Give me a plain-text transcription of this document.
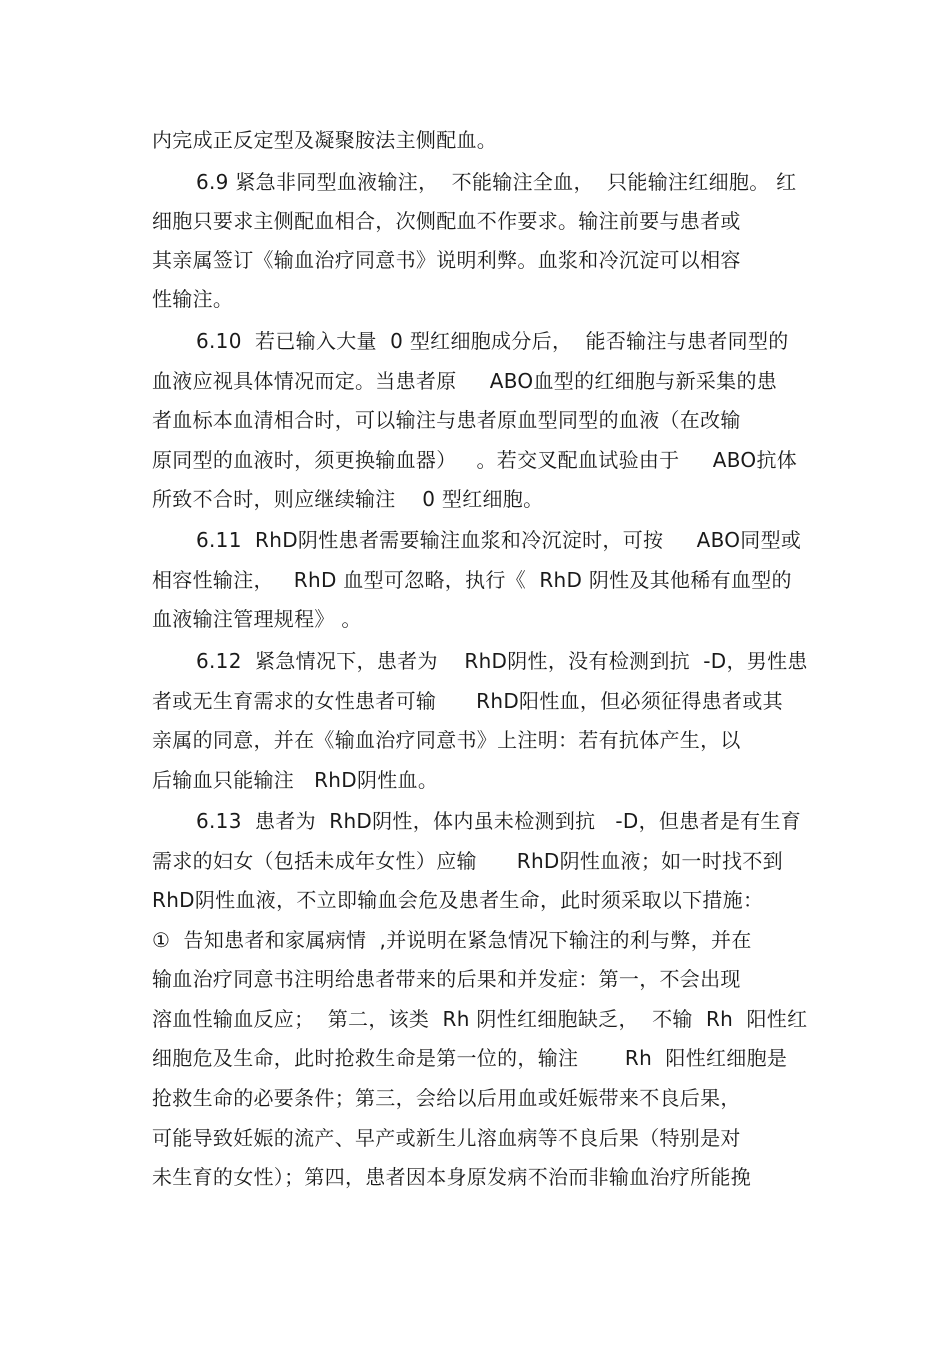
内完成正反定型及凝聚胺法主侧配血。
6.9 紧急非同型血液输注，  不能输注全血，  只能输注红细胞。 红
细胞只要求主侧配血相合，次侧配血不作要求。输注前要与患者或
其亲属签订《输血治疗同意书》说明利弊。血浆和冷沉淀可以相容
性输注。
6.10  若已输入大量  0 型红细胞成分后，  能否输注与患者同型的
血液应视具体情况而定。当患者原     ABO血型的红细胞与新采集的患
者血标本血清相合时，可以输注与患者原血型同型的血液（在改输
原同型的血液时，须更换输血器）   。若交叉配血试验由于     ABO抗体
所致不合时，则应继续输注    0 型红细胞。
6.11  RhD阴性患者需要输注血浆和冷沉淀时，可按     ABO同型或
相容性输注，   RhD 血型可忽略，执行《  RhD 阴性及其他稀有血型的
血液输注管理规程》 。
6.12  紧急情况下，患者为    RhD阴性，没有检测到抗  -D，男性患
者或无生育需求的女性患者可输      RhD阳性血，但必须征得患者或其
亲属的同意，并在《输血治疗同意书》上注明：若有抗体产生，以
后输血只能输注   RhD阴性血。
6.13  患者为  RhD阴性，体内虽未检测到抗   -D，但患者是有生育
需求的妇女（包括未成年女性）应输      RhD阴性血液；如一时找不到
RhD阴性血液，不立即输血会危及患者生命，此时须采取以下措施：
①  告知患者和家属病情  ,并说明在紧急情况下输注的利与弊，并在
输血治疗同意书注明给患者带来的后果和并发症：第一，不会出现
溶血性输血反应；  第二，该类  Rh 阴性红细胞缺乏，  不输  Rh  阳性红
细胞危及生命，此时抢救生命是第一位的，输注       Rh  阳性红细胞是
抢救生命的必要条件；第三，会给以后用血或妊娠带来不良后果，
可能导致妊娠的流产、早产或新生儿溶血病等不良后果（特别是对
未生育的女性）；第四，患者因本身原发病不治而非输血治疗所能挽
